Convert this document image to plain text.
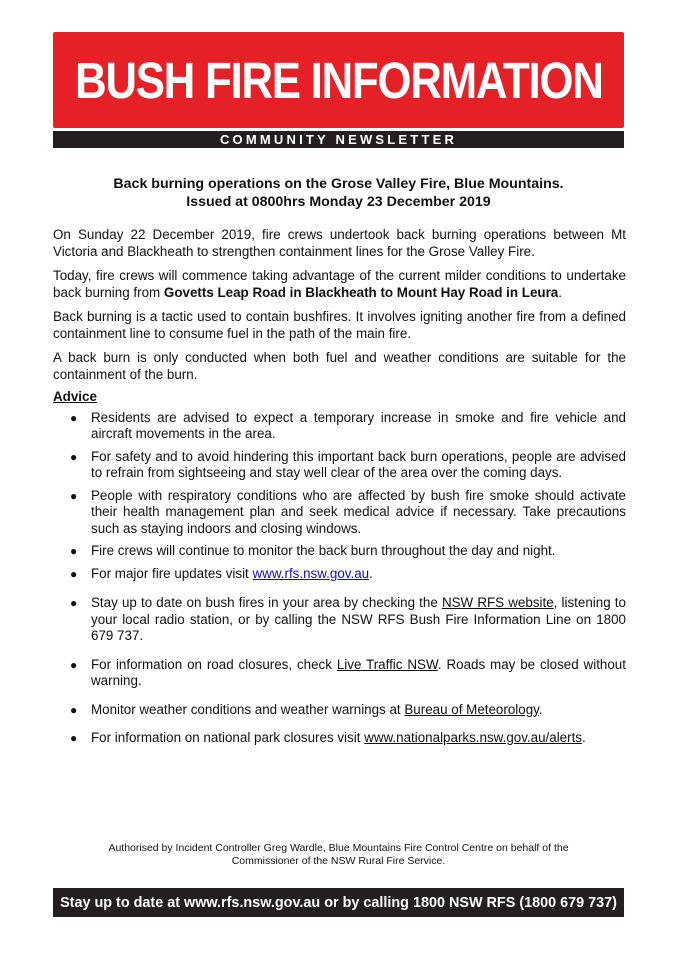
BUSH FIRE INFORMATION
COMMUNITY NEWSLETTER
Back burning operations on the Grose Valley Fire, Blue Mountains.
Issued at 0800hrs Monday 23 December 2019

On Sunday 22 December 2019, fire crews undertook back burning operations between Mt Victoria and Blackheath to strengthen containment lines for the Grose Valley Fire.

Today, fire crews will commence taking advantage of the current milder conditions to undertake back burning from Govetts Leap Road in Blackheath to Mount Hay Road in Leura.

Back burning is a tactic used to contain bushfires. It involves igniting another fire from a defined containment line to consume fuel in the path of the main fire.

A back burn is only conducted when both fuel and weather conditions are suitable for the containment of the burn.

Advice
● Residents are advised to expect a temporary increase in smoke and fire vehicle and aircraft movements in the area.
● For safety and to avoid hindering this important back burn operations, people are advised to refrain from sightseeing and stay well clear of the area over the coming days.
● People with respiratory conditions who are affected by bush fire smoke should activate their health management plan and seek medical advice if necessary. Take precautions such as staying indoors and closing windows.
● Fire crews will continue to monitor the back burn throughout the day and night.
● For major fire updates visit www.rfs.nsw.gov.au.
● Stay up to date on bush fires in your area by checking the NSW RFS website, listening to your local radio station, or by calling the NSW RFS Bush Fire Information Line on 1800 679 737.
● For information on road closures, check Live Traffic NSW. Roads may be closed without warning.
● Monitor weather conditions and weather warnings at Bureau of Meteorology.
● For information on national park closures visit www.nationalparks.nsw.gov.au/alerts.
Authorised by Incident Controller Greg Wardle, Blue Mountains Fire Control Centre on behalf of the
Commissioner of the NSW Rural Fire Service.
Stay up to date at www.rfs.nsw.gov.au or by calling 1800 NSW RFS (1800 679 737)
